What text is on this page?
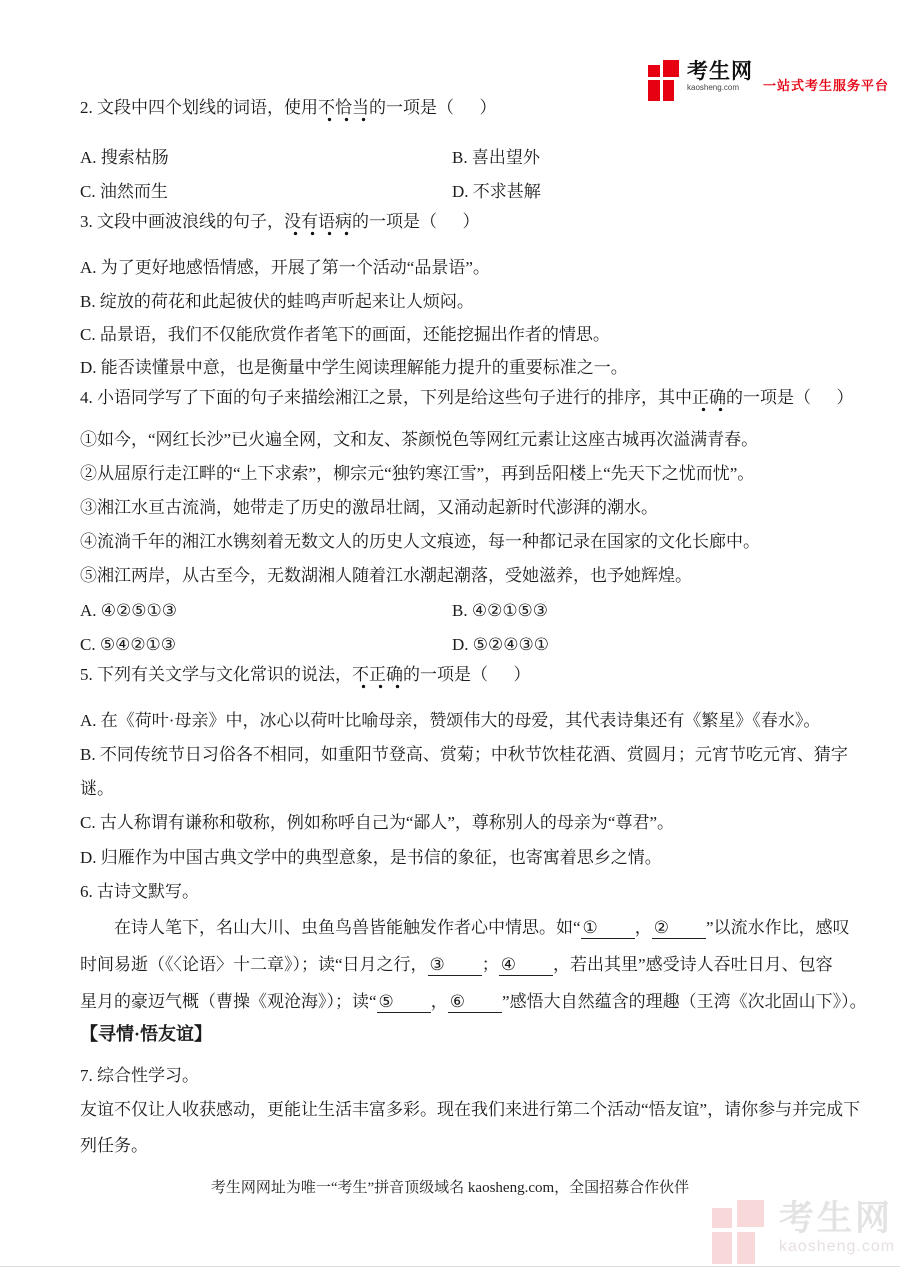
考生网
kaosheng.com	一站式考生服务平台
2. 文段中四个划线的词语，使用不恰当的一项是（      ）
A. 搜索枯肠	B. 喜出望外
C. 油然而生	D. 不求甚解
3. 文段中画波浪线的句子，没有语病的一项是（      ）
A. 为了更好地感悟情感，开展了第一个活动“品景语”。
B. 绽放的荷花和此起彼伏的蛙鸣声听起来让人烦闷。
C. 品景语，我们不仅能欣赏作者笔下的画面，还能挖掘出作者的情思。
D. 能否读懂景中意，也是衡量中学生阅读理解能力提升的重要标准之一。
4. 小语同学写了下面的句子来描绘湘江之景，下列是给这些句子进行的排序，其中正确的一项是（      ）
①如今，“网红长沙”已火遍全网，文和友、茶颜悦色等网红元素让这座古城再次溢满青春。
②从屈原行走江畔的“上下求索”，柳宗元“独钓寒江雪”，再到岳阳楼上“先天下之忧而忧”。
③湘江水亘古流淌，她带走了历史的激昂壮阔，又涌动起新时代澎湃的潮水。
④流淌千年的湘江水镌刻着无数文人的历史人文痕迹，每一种都记录在国家的文化长廊中。
⑤湘江两岸，从古至今，无数湖湘人随着江水潮起潮落，受她滋养，也予她辉煌。
A. ④②⑤①③	B. ④②①⑤③
C. ⑤④②①③	D. ⑤②④③①
5. 下列有关文学与文化常识的说法，不正确的一项是（      ）
A. 在《荷叶·母亲》中，冰心以荷叶比喻母亲，赞颂伟大的母爱，其代表诗集还有《繁星》《春水》。
B. 不同传统节日习俗各不相同，如重阳节登高、赏菊；中秋节饮桂花酒、赏圆月；元宵节吃元宵、猜字
谜。
C. 古人称谓有谦称和敬称，例如称呼自己为“鄙人”，尊称别人的母亲为“尊君”。
D. 归雁作为中国古典文学中的典型意象，是书信的象征，也寄寓着思乡之情。
6. 古诗文默写。
在诗人笔下，名山大川、虫鱼鸟兽皆能触发作者心中情思。如“ ① ， ② ”以流水作比，感叹
时间易逝（《〈论语〉十二章》）；读“日月之行， ③ ； ④ ，若出其里”感受诗人吞吐日月、包容
星月的豪迈气概（曹操《观沧海》）；读“ ⑤ ， ⑥ ”感悟大自然蕴含的理趣（王湾《次北固山下》）。
【寻情·悟友谊】
7. 综合性学习。
友谊不仅让人收获感动，更能让生活丰富多彩。现在我们来进行第二个活动“悟友谊”，请你参与并完成下
列任务。
考生网网址为唯一“考生”拼音顶级域名 kaosheng.com，全国招募合作伙伴
考生网
kaosheng.com
